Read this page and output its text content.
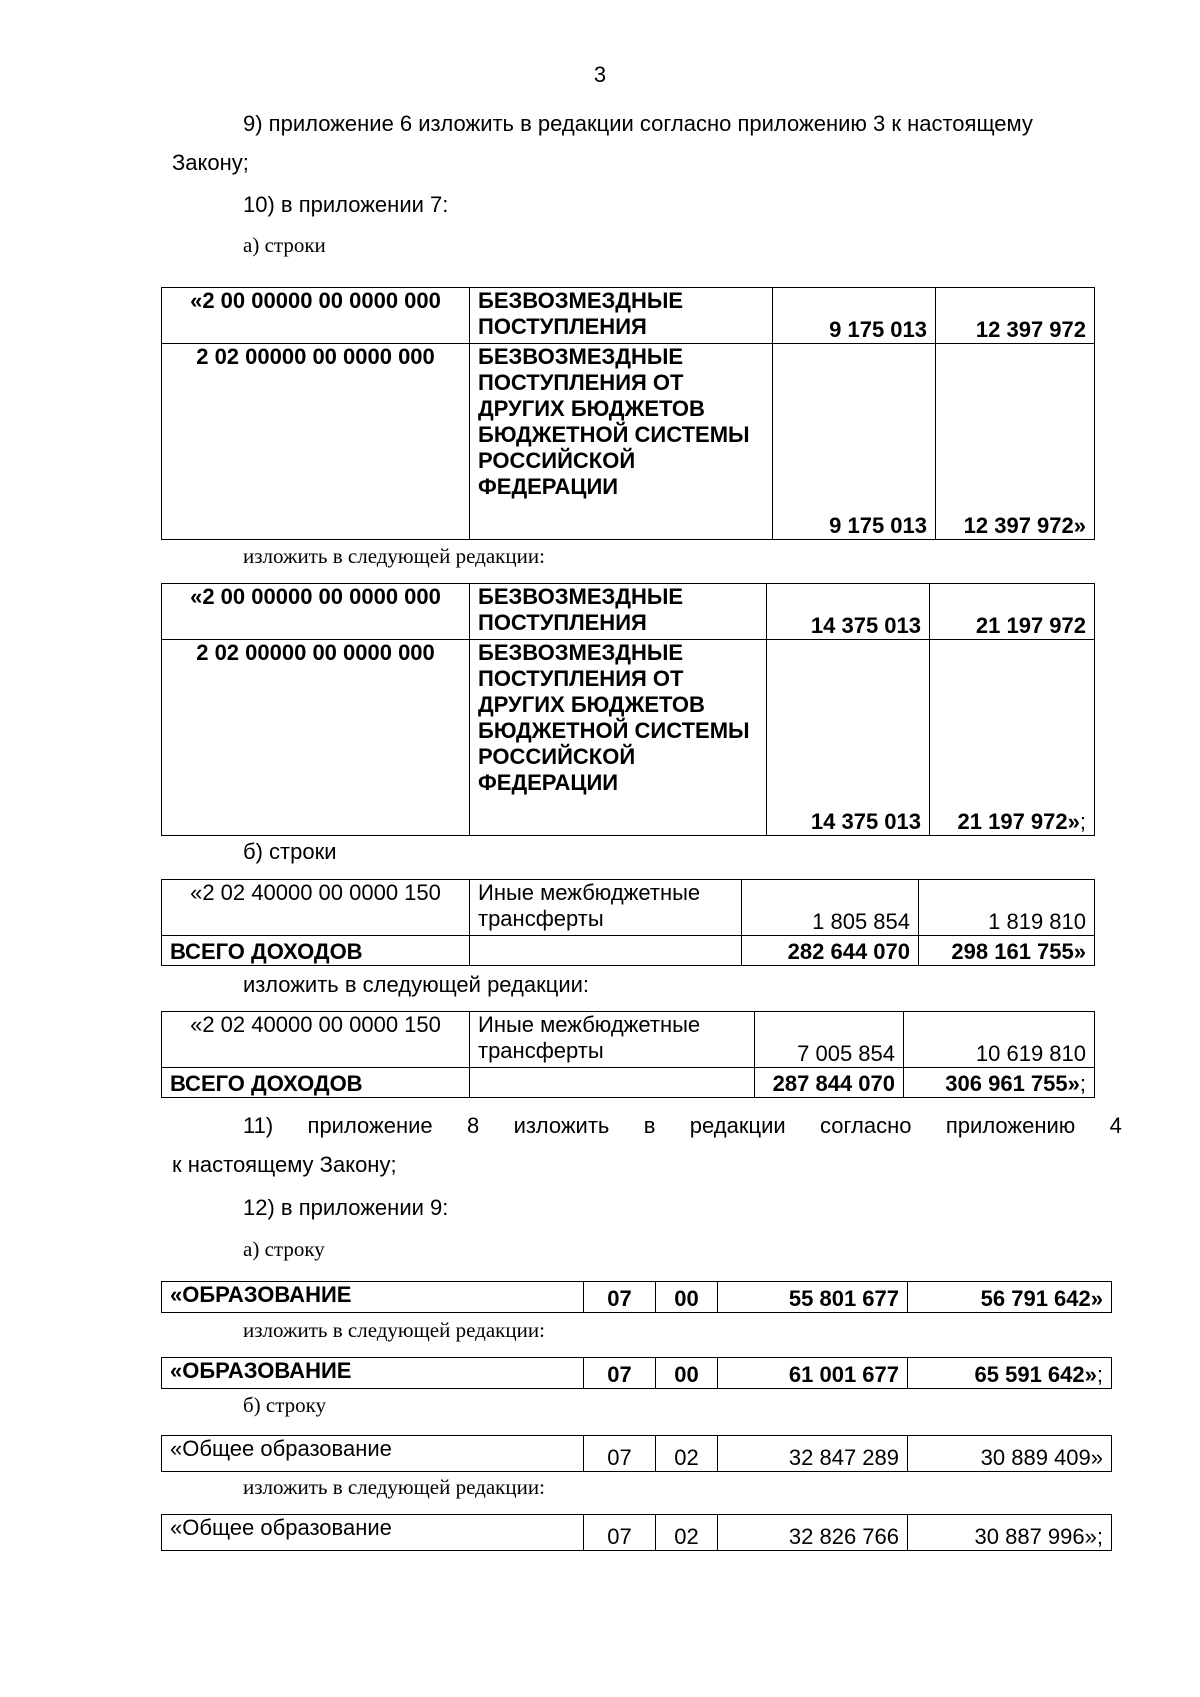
3
9) приложение 6 изложить в редакции согласно приложению 3 к настоящему
Закону;
10) в приложении 7:
а) строки
«2 00 00000 00 0000 000	БЕЗВОЗМЕЗДНЫЕ ПОСТУПЛЕНИЯ	9 175 013	12 397 972
2 02 00000 00 0000 000	БЕЗВОЗМЕЗДНЫЕ ПОСТУПЛЕНИЯ ОТ ДРУГИХ БЮДЖЕТОВ БЮДЖЕТНОЙ СИСТЕМЫ РОССИЙСКОЙ ФЕДЕРАЦИИ	9 175 013	12 397 972»
изложить в следующей редакции:
«2 00 00000 00 0000 000	БЕЗВОЗМЕЗДНЫЕ ПОСТУПЛЕНИЯ	14 375 013	21 197 972
2 02 00000 00 0000 000	БЕЗВОЗМЕЗДНЫЕ ПОСТУПЛЕНИЯ ОТ ДРУГИХ БЮДЖЕТОВ БЮДЖЕТНОЙ СИСТЕМЫ РОССИЙСКОЙ ФЕДЕРАЦИИ	14 375 013	21 197 972»;
б) строки
«2 02 40000 00 0000 150	Иные межбюджетные трансферты	1 805 854	1 819 810
ВСЕГО ДОХОДОВ		282 644 070	298 161 755»
изложить в следующей редакции:
«2 02 40000 00 0000 150	Иные межбюджетные трансферты	7 005 854	10 619 810
ВСЕГО ДОХОДОВ		287 844 070	306 961 755»;
11) приложение 8 изложить в редакции согласно приложению 4
к настоящему Закону;
12) в приложении 9:
а) строку
«ОБРАЗОВАНИЕ	07	00	55 801 677	56 791 642»
изложить в следующей редакции:
«ОБРАЗОВАНИЕ	07	00	61 001 677	65 591 642»;
б) строку
«Общее образование	07	02	32 847 289	30 889 409»
изложить в следующей редакции:
«Общее образование	07	02	32 826 766	30 887 996»;
